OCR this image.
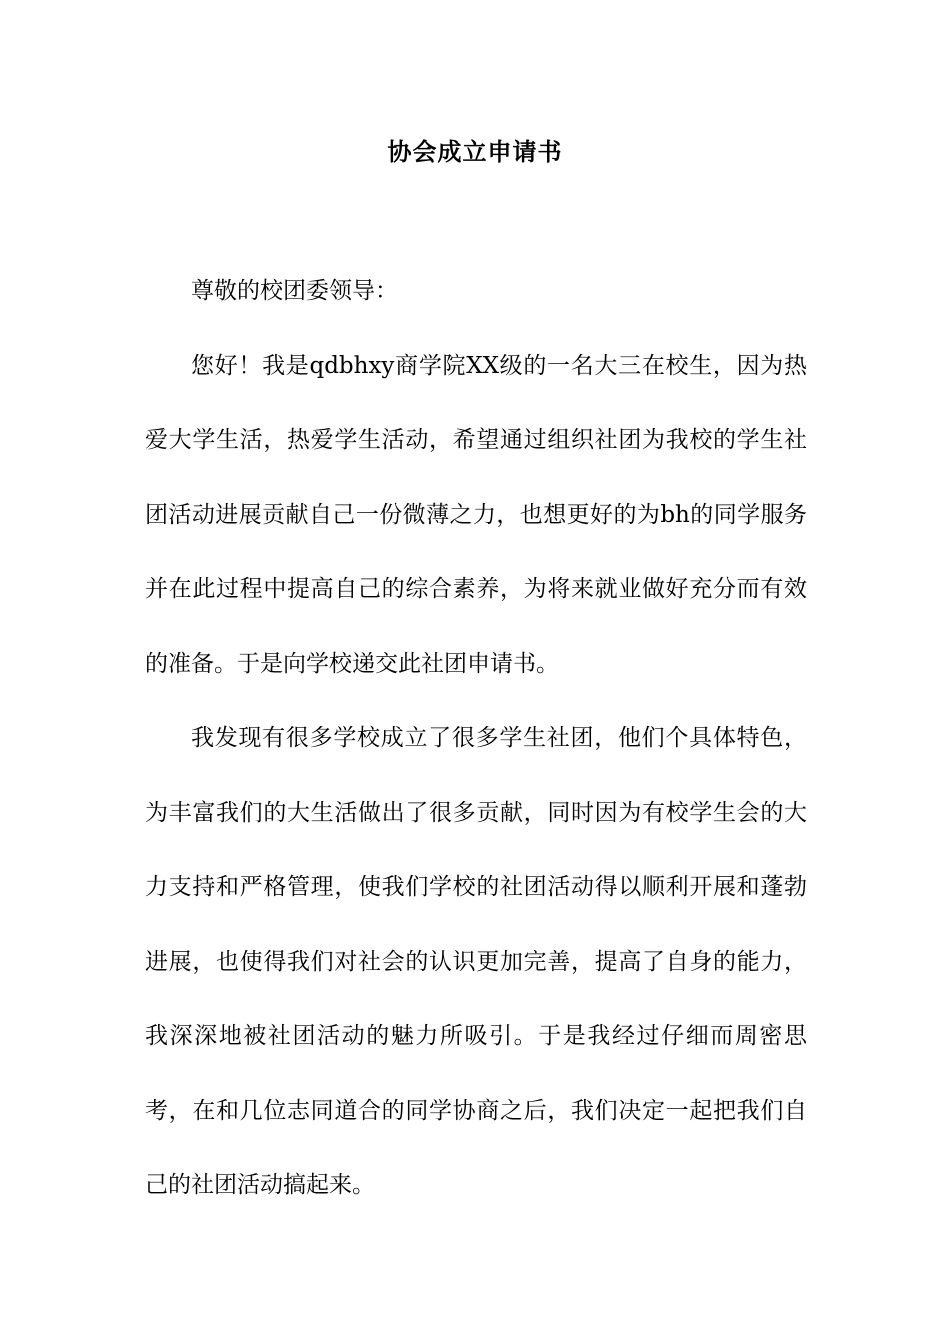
协会成立申请书

尊敬的校团委领导：

您好！我是qdbhxy商学院XX级的一名大三在校生，因为热爱大学生活，热爱学生活动，希望通过组织社团为我校的学生社团活动进展贡献自己一份微薄之力，也想更好的为bh的同学服务并在此过程中提高自己的综合素养，为将来就业做好充分而有效的准备。于是向学校递交此社团申请书。

我发现有很多学校成立了很多学生社团，他们个具体特色，为丰富我们的大生活做出了很多贡献，同时因为有校学生会的大力支持和严格管理，使我们学校的社团活动得以顺利开展和蓬勃进展，也使得我们对社会的认识更加完善，提高了自身的能力，我深深地被社团活动的魅力所吸引。于是我经过仔细而周密思考，在和几位志同道合的同学协商之后，我们决定一起把我们自己的社团活动搞起来。
